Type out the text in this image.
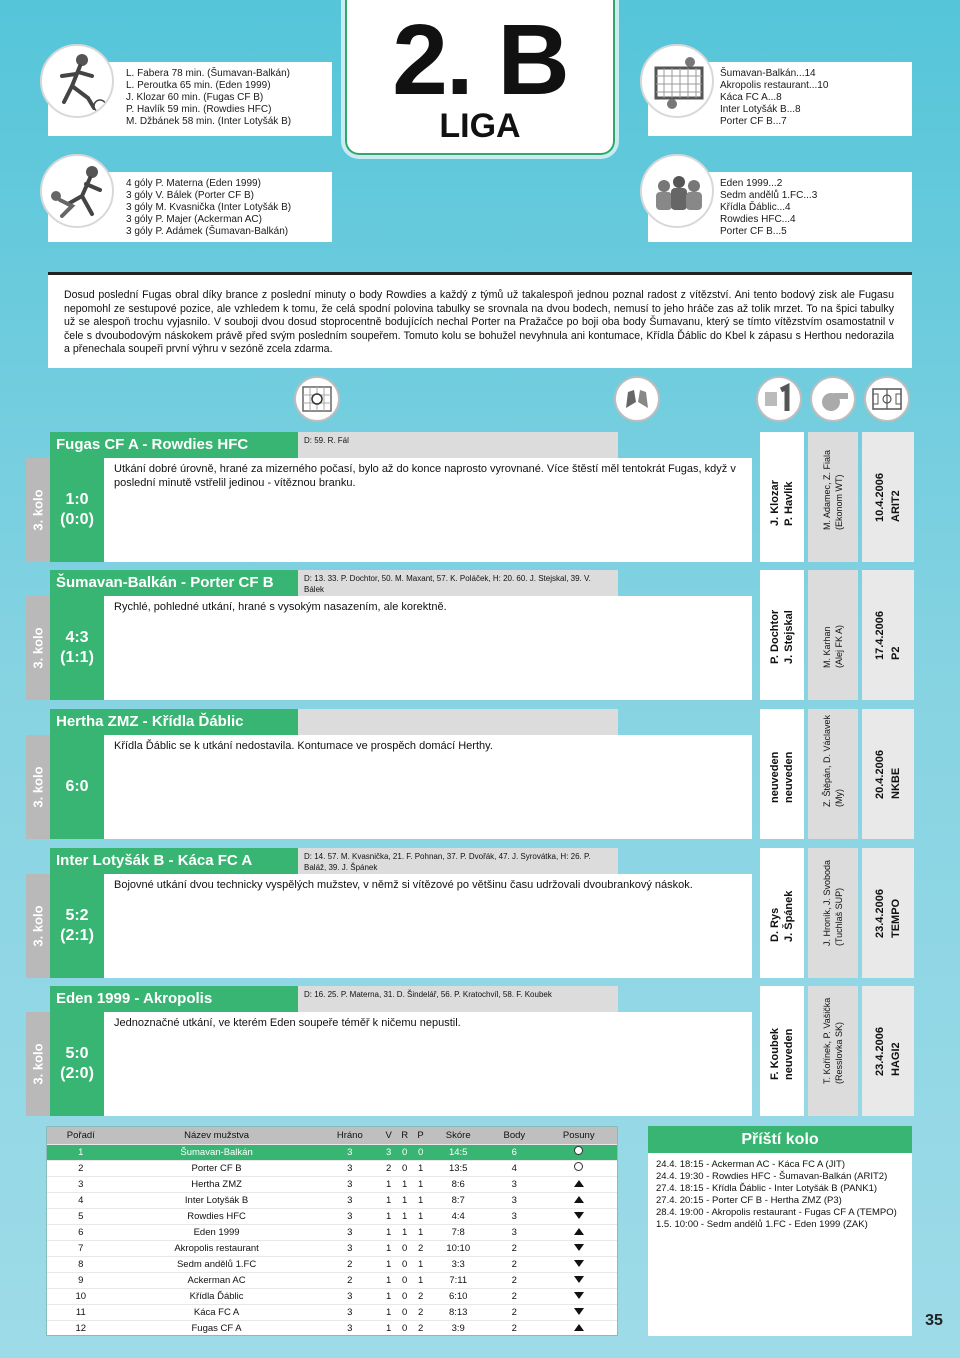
L. Fabera 78 min. (Šumavan-Balkán)
L. Peroutka 65 min. (Eden 1999)
J. Klozar 60 min. (Fugas CF B)
P. Havlík 59 min. (Rowdies HFC)
M. Džbánek 58 min. (Inter Lotyšák B)
Šumavan-Balkán...14
Akropolis restaurant...10
Káca FC A...8
Inter Lotyšák B...8
Porter CF B...7
2. B
LIGA
4 góly P. Materna (Eden 1999)
3 góly V. Bálek (Porter CF B)
3 góly M. Kvasnička (Inter Lotyšák B)
3 góly P. Majer (Ackerman AC)
3 góly P. Adámek (Šumavan-Balkán)
Eden 1999...2
Sedm andělů 1.FC...3
Křídla Ďáblic...4
Rowdies HFC...4
Porter CF B...5
Dosud poslední Fugas obral díky brance z poslední minuty o body Rowdies a každý z týmů už takalespoň jednou poznal radost z vítězství. Ani tento bodový zisk ale Fugasu nepomohl ze sestupové pozice, ale vzhledem k tomu, že celá spodní polovina tabulky se srovnala na dvou bodech, nemusí to jeho hráče zas až tolik mrzet. To na špici tabulky už se alespoň trochu vyjasnilo. V souboji dvou dosud stoprocentně bodujících nechal Porter na Pražačce po boji oba body Šumavanu, který se tímto vítězstvím osamostatnil v čele s dvoubodovým náskokem právě před svým posledním soupeřem. Tomuto kolu se bohužel nevyhnula ani kontumace, Křídla Ďáblic do Kbel k zápasu s Herthou nedorazila a přenechala soupeři první výhru v sezóně zcela zdarma.
Fugas CF A - Rowdies HFC	D: 59. R. Fál
3. kolo 1:0
(0:0)
Utkání dobré úrovně, hrané za mizerného počasí, bylo až do konce naprosto vyrovnané. Více štěstí měl tentokrát Fugas, když v poslední minutě vstřelil jedinou - vítěznou branku.	J. Klozar P. Havlík	M. Adamec, Z. Fiala (Ekonom WT)	10.4.2006 ARIT2
Šumavan-Balkán - Porter CF B	D: 13. 33. P. Dochtor, 50. M. Maxant, 57. K. Poláček, H: 20. 60. J. Stejskal, 39. V. Bálek
3. kolo 4:3
(1:1)
Rychlé, pohledné utkání, hrané s vysokým nasazením, ale korektně.
P. Dochtor J. Stejskal	M. Karhan (Alej FK A)	17.4.2006 P2
Hertha ZMZ - Křídla Ďáblic
3. kolo 6:0
Křídla Ďáblic se k utkání nedostavila. Kontumace ve prospěch domácí Herthy.
neuveden neuveden	Z. Štěpán, D. Václavek (My)	20.4.2006 NKBE
Inter Lotyšák B - Káca FC A	D: 14. 57. M. Kvasnička, 21. F. Pohnan, 37. P. Dvořák, 47. J. Syrovátka, H: 26. P. Baláž, 39. J. Špánek
3. kolo 5:2
(2:1)
Bojovné utkání dvou technicky vyspělých mužstev, v němž si vítězové po většinu času udržovali dvoubrankový náskok.
D. Rys J. Špánek	J. Hroník, J. Svoboda (Tuchlaš SUP)	23.4.2006 TEMPO
Eden 1999 - Akropolis	D: 16. 25. P. Materna, 31. D. Šindelář, 56. P. Kratochvíl, 58. F. Koubek
3. kolo 5:0
(2:0)
Jednoznačné utkání, ve kterém Eden soupeře téměř k ničemu nepustil.
F. Koubek neuveden	T. Kořínek, P. Vašička (Resslovka SK)	23.4.2006 HAGI2
Pořadí	Název mužstva	Hráno	V	R	P	Skóre	Body	Posuny
1	Šumavan-Balkán	3	3	0	0	14:5	6	
2	Porter CF B	3	2	0	1	13:5	4	
3	Hertha ZMZ	3	1	1	1	8:6	3	
4	Inter Lotyšák B	3	1	1	1	8:7	3	
5	Rowdies HFC	3	1	1	1	4:4	3	
6	Eden 1999	3	1	1	1	7:8	3	
7	Akropolis restaurant	3	1	0	2	10:10	2	
8	Sedm andělů 1.FC	2	1	0	1	3:3	2	
9	Ackerman AC	2	1	0	1	7:11	2	
10	Křídla Ďáblic	3	1	0	2	6:10	2	
11	Káca FC A	3	1	0	2	8:13	2	
12	Fugas CF A	3	1	0	2	3:9	2	
Příští kolo
24.4. 18:15 - Ackerman AC - Káca FC A (JIT)
24.4. 19:30 - Rowdies HFC - Šumavan-Balkán (ARIT2)
27.4. 18:15 - Křídla Ďáblic - Inter Lotyšák B (PANK1)
27.4. 20:15 - Porter CF B - Hertha ZMZ (P3)
28.4. 19:00 - Akropolis restaurant - Fugas CF A (TEMPO)
1.5. 10:00 - Sedm andělů 1.FC - Eden 1999 (ZAK)
35
